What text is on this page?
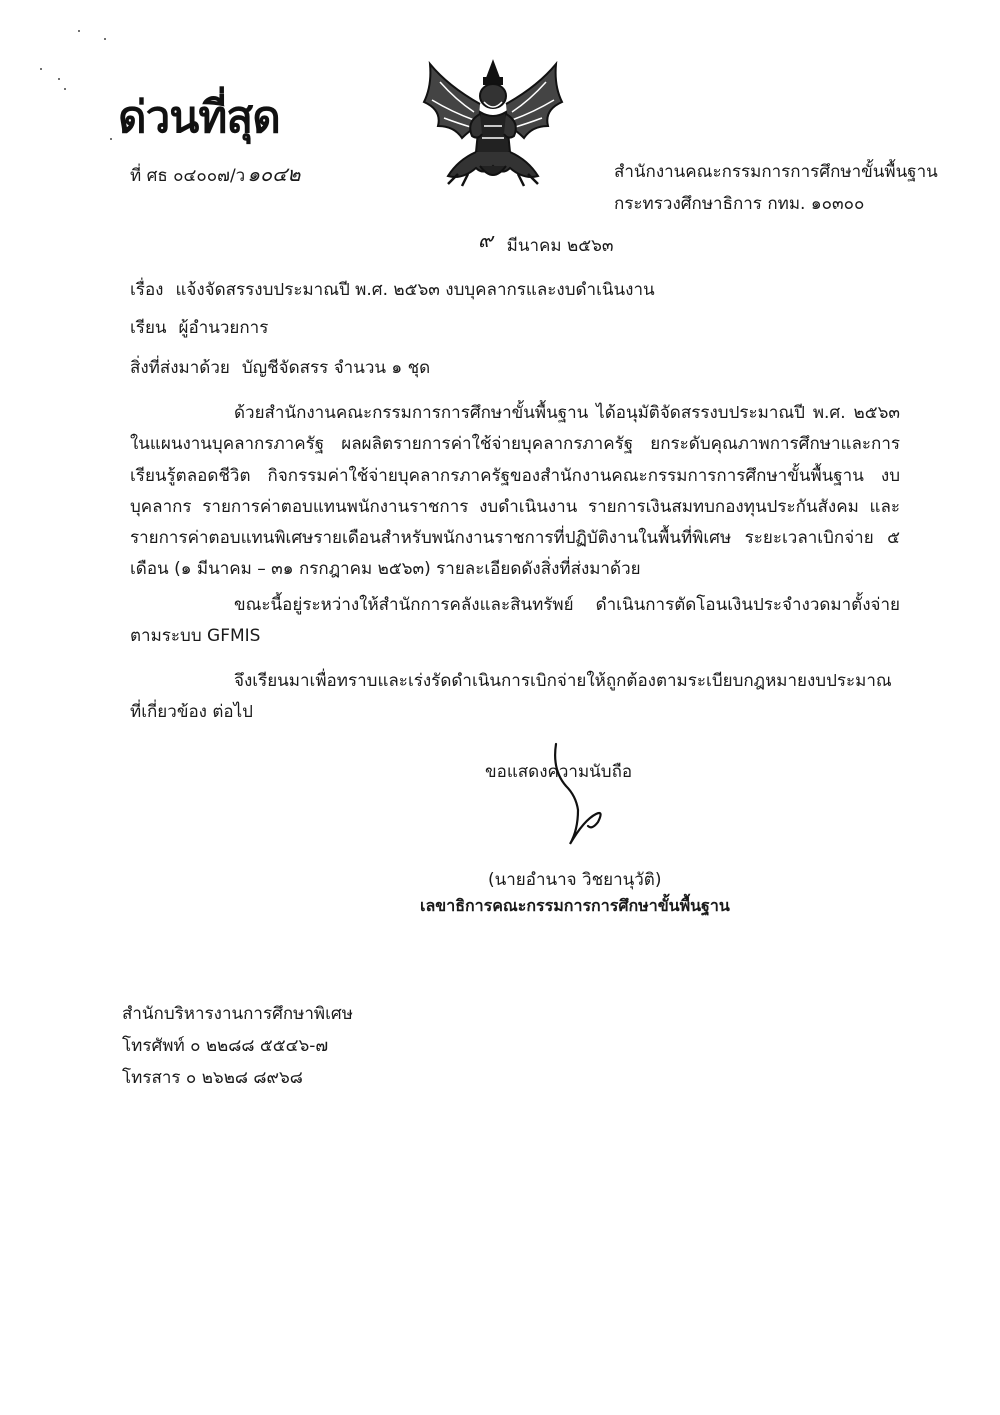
ด่วนที่สุด
ที่ ศธ ๐๔๐๐๗/ว ๑๐๔๒	สำนักงานคณะกรรมการการศึกษาขั้นพื้นฐาน
กระทรวงศึกษาธิการ กทม. ๑๐๓๐๐
๙ มีนาคม ๒๕๖๓
เรื่อง แจ้งจัดสรรงบประมาณปี พ.ศ. ๒๕๖๓ งบบุคลากรและงบดำเนินงาน
เรียน ผู้อำนวยการ
สิ่งที่ส่งมาด้วย บัญชีจัดสรร จำนวน ๑ ชุด

ด้วยสำนักงานคณะกรรมการการศึกษาขั้นพื้นฐาน ได้อนุมัติจัดสรรงบประมาณปี พ.ศ. ๒๕๖๓ ในแผนงานบุคลากรภาครัฐ ผลผลิตรายการค่าใช้จ่ายบุคลากรภาครัฐ ยกระดับคุณภาพการศึกษาและการเรียนรู้ตลอดชีวิต กิจกรรมค่าใช้จ่ายบุคลากรภาครัฐของสำนักงานคณะกรรมการการศึกษาขั้นพื้นฐาน งบบุคลากร รายการค่าตอบแทนพนักงานราชการ งบดำเนินงาน รายการเงินสมทบกองทุนประกันสังคม และรายการค่าตอบแทนพิเศษรายเดือนสำหรับพนักงานราชการที่ปฏิบัติงานในพื้นที่พิเศษ ระยะเวลาเบิกจ่าย ๕ เดือน (๑ มีนาคม – ๓๑ กรกฎาคม ๒๕๖๓) รายละเอียดดังสิ่งที่ส่งมาด้วย

ขณะนี้อยู่ระหว่างให้สำนักการคลังและสินทรัพย์ ดำเนินการตัดโอนเงินประจำงวดมาตั้งจ่าย ตามระบบ GFMIS

จึงเรียนมาเพื่อทราบและเร่งรัดดำเนินการเบิกจ่ายให้ถูกต้องตามระเบียบกฎหมายงบประมาณ ที่เกี่ยวข้อง ต่อไป

ขอแสดงความนับถือ
(นายอำนาจ วิชยานุวัติ)
เลขาธิการคณะกรรมการการศึกษาขั้นพื้นฐาน
สำนักบริหารงานการศึกษาพิเศษ
โทรศัพท์ ๐ ๒๒๘๘ ๕๕๔๖-๗
โทรสาร ๐ ๒๖๒๘ ๘๙๖๘
